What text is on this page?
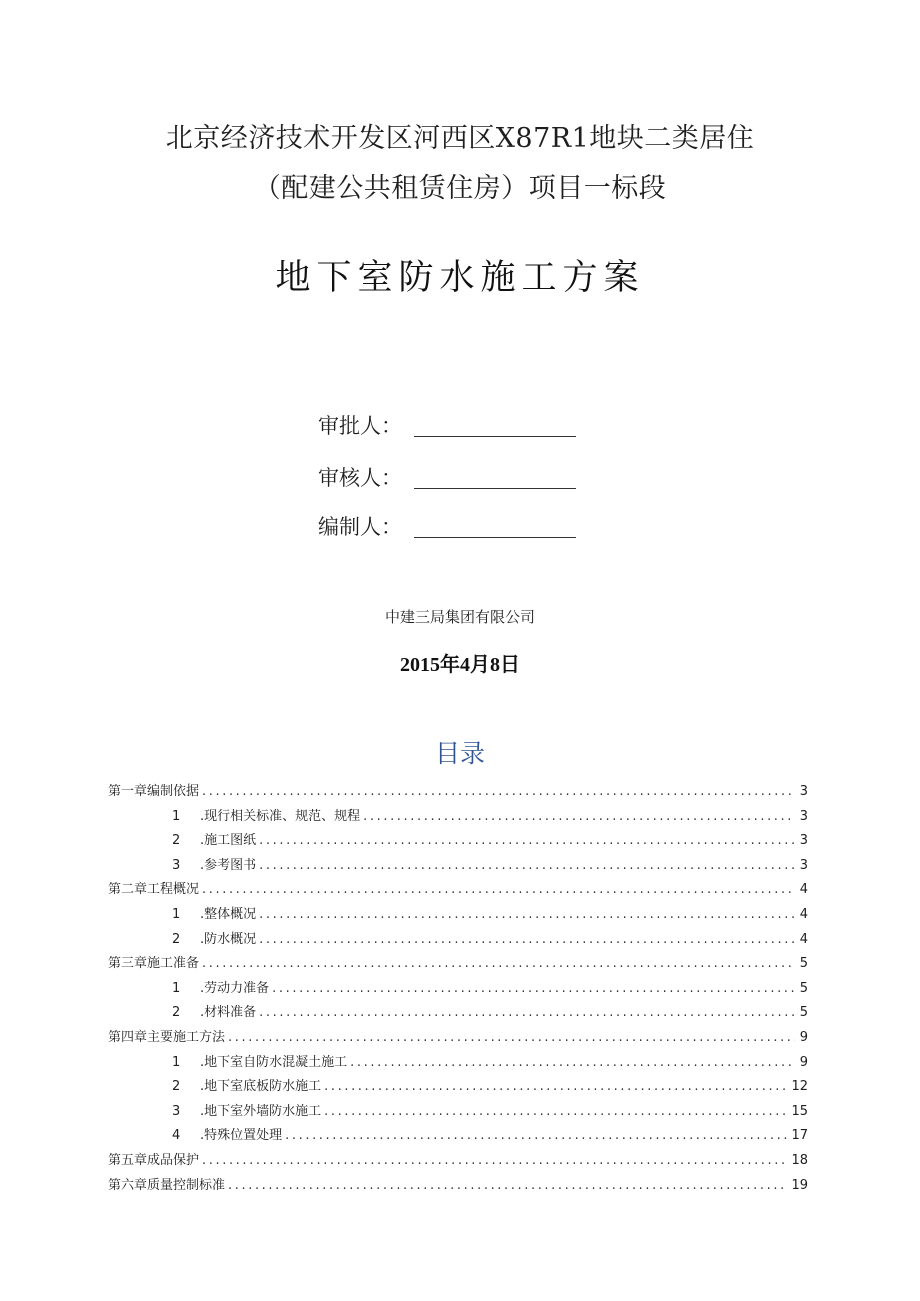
北京经济技术开发区河西区X87R1地块二类居住
（配建公共租赁住房）项目一标段
地下室防水施工方案
审批人：
审核人：
编制人：
中建三局集团有限公司
2015年4月8日
目录
第一章编制依据 .....	3
1	.现行相关标准、规范、规程 .....	3
2	.施工图纸 .....	3
3	.参考图书 .....	3
第二章工程概况 .....	4
1	.整体概况 .....	4
2	.防水概况 .....	4
第三章施工准备 .....	5
1	.劳动力准备 .....	5
2	.材料准备 .....	5
第四章主要施工方法 .....	9
1	.地下室自防水混凝土施工 .....	9
2	.地下室底板防水施工 .....	12
3	.地下室外墙防水施工 .....	15
4	.特殊位置处理 .....	17
第五章成品保护 .....	18
第六章质量控制标准 .....	19
